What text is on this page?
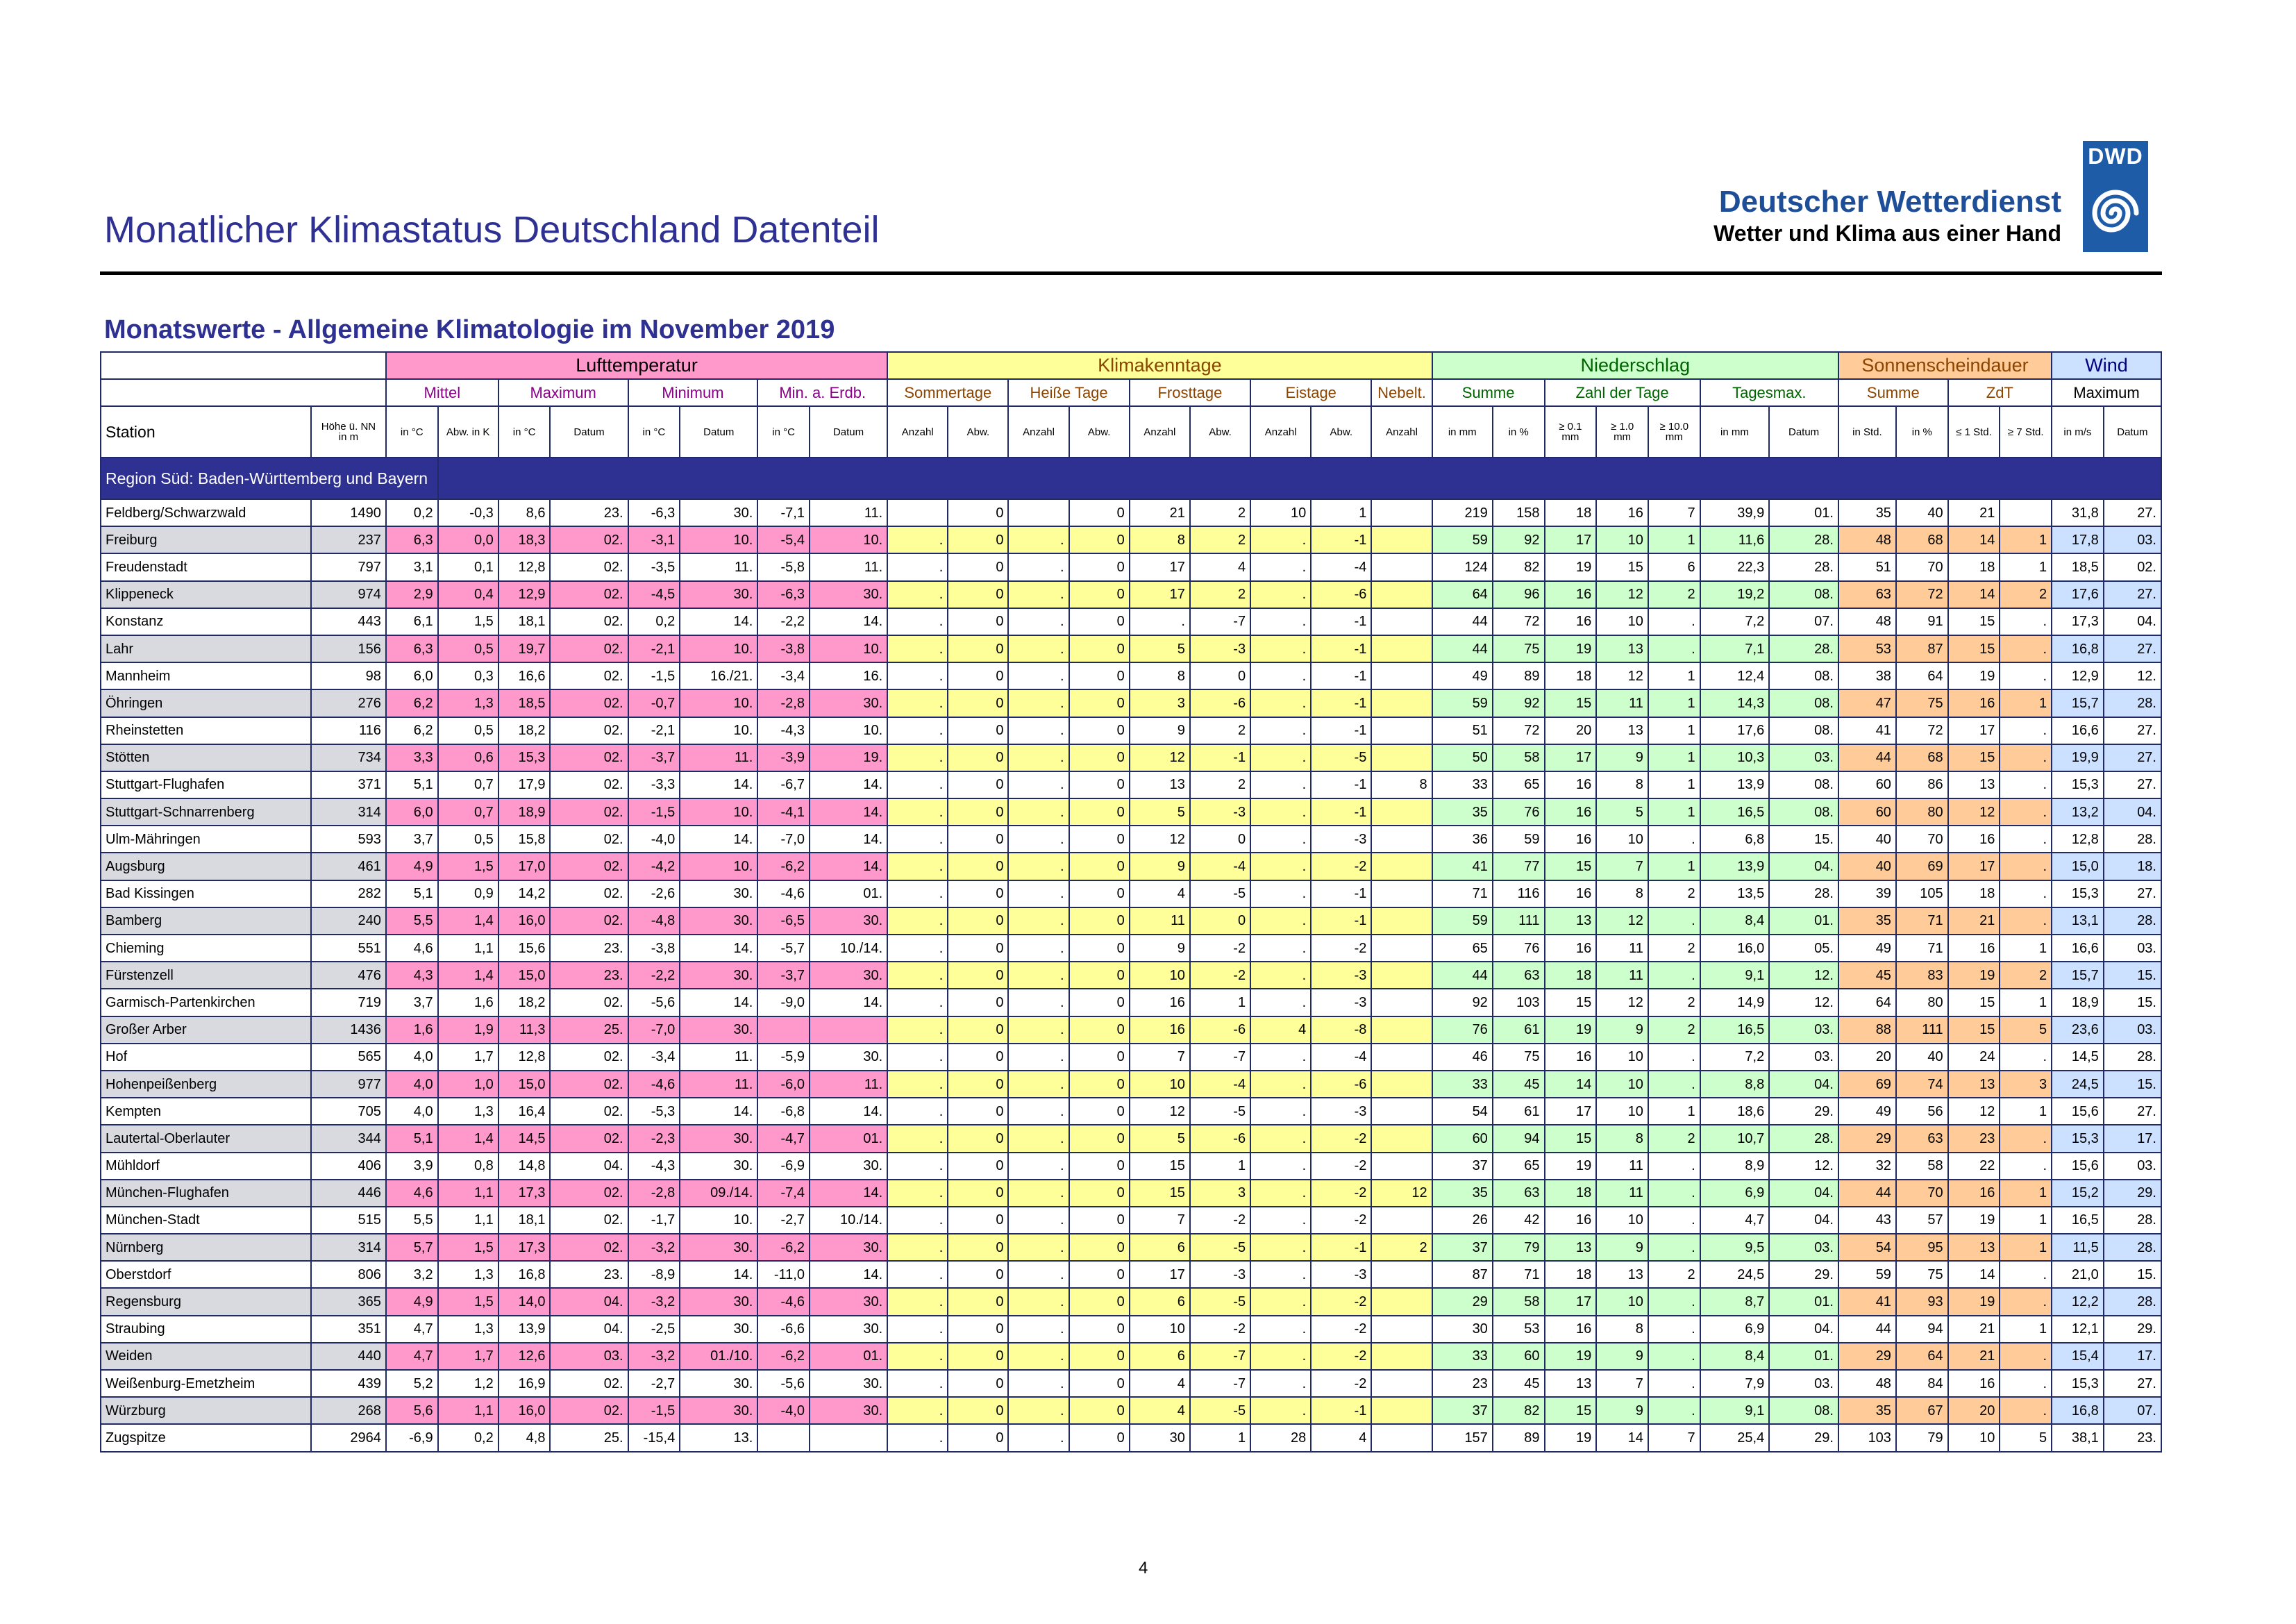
Monatlicher Klimastatus Deutschland Datenteil
Deutscher Wetterdienst
Wetter und Klima aus einer Hand
DWD
Monatswerte - Allgemeine Klimatologie im November 2019
		Lufttemperatur								Klimakenntage									Niederschlag							Sonnenscheindauer				Wind	
		Mittel		Maximum		Minimum		Min. a. Erdb.		Sommertage		Heiße Tage		Frosttage		Eistage		Nebelt.	Summe		Zahl der Tage			Tagesmax.		Summe		ZdT		Maximum	
Station	Höhe ü. NN in m	in °C	Abw. in K	in °C	Datum	in °C	Datum	in °C	Datum	Anzahl	Abw.	Anzahl	Abw.	Anzahl	Abw.	Anzahl	Abw.	Anzahl	in mm	in %	≥ 0.1 mm	≥ 1.0 mm	≥ 10.0 mm	in mm	Datum	in Std.	in %	≤ 1 Std.	≥ 7 Std.	in m/s	Datum
Region Süd: Baden-Württemberg und Bayern																															
Feldberg/Schwarzwald	1490	0,2	-0,3	8,6	23.	-6,3	30.	-7,1	11.		0		0	21	2	10	1		219	158	18	16	7	39,9	01.	35	40	21		31,8	27.
Freiburg	237	6,3	0,0	18,3	02.	-3,1	10.	-5,4	10.	.	0	.	0	8	2	.	-1		59	92	17	10	1	11,6	28.	48	68	14	1	17,8	03.
Freudenstadt	797	3,1	0,1	12,8	02.	-3,5	11.	-5,8	11.	.	0	.	0	17	4	.	-4		124	82	19	15	6	22,3	28.	51	70	18	1	18,5	02.
Klippeneck	974	2,9	0,4	12,9	02.	-4,5	30.	-6,3	30.	.	0	.	0	17	2	.	-6		64	96	16	12	2	19,2	08.	63	72	14	2	17,6	27.
Konstanz	443	6,1	1,5	18,1	02.	0,2	14.	-2,2	14.	.	0	.	0	.	-7	.	-1		44	72	16	10	.	7,2	07.	48	91	15	.	17,3	04.
Lahr	156	6,3	0,5	19,7	02.	-2,1	10.	-3,8	10.	.	0	.	0	5	-3	.	-1		44	75	19	13	.	7,1	28.	53	87	15	.	16,8	27.
Mannheim	98	6,0	0,3	16,6	02.	-1,5	16./21.	-3,4	16.	.	0	.	0	8	0	.	-1		49	89	18	12	1	12,4	08.	38	64	19	.	12,9	12.
Öhringen	276	6,2	1,3	18,5	02.	-0,7	10.	-2,8	30.	.	0	.	0	3	-6	.	-1		59	92	15	11	1	14,3	08.	47	75	16	1	15,7	28.
Rheinstetten	116	6,2	0,5	18,2	02.	-2,1	10.	-4,3	10.	.	0	.	0	9	2	.	-1		51	72	20	13	1	17,6	08.	41	72	17	.	16,6	27.
Stötten	734	3,3	0,6	15,3	02.	-3,7	11.	-3,9	19.	.	0	.	0	12	-1	.	-5		50	58	17	9	1	10,3	03.	44	68	15	.	19,9	27.
Stuttgart-Flughafen	371	5,1	0,7	17,9	02.	-3,3	14.	-6,7	14.	.	0	.	0	13	2	.	-1	8	33	65	16	8	1	13,9	08.	60	86	13	.	15,3	27.
Stuttgart-Schnarrenberg	314	6,0	0,7	18,9	02.	-1,5	10.	-4,1	14.	.	0	.	0	5	-3	.	-1		35	76	16	5	1	16,5	08.	60	80	12	.	13,2	04.
Ulm-Mähringen	593	3,7	0,5	15,8	02.	-4,0	14.	-7,0	14.	.	0	.	0	12	0	.	-3		36	59	16	10	.	6,8	15.	40	70	16	.	12,8	28.
Augsburg	461	4,9	1,5	17,0	02.	-4,2	10.	-6,2	14.	.	0	.	0	9	-4	.	-2		41	77	15	7	1	13,9	04.	40	69	17	.	15,0	18.
Bad Kissingen	282	5,1	0,9	14,2	02.	-2,6	30.	-4,6	01.	.	0	.	0	4	-5	.	-1		71	116	16	8	2	13,5	28.	39	105	18	.	15,3	27.
Bamberg	240	5,5	1,4	16,0	02.	-4,8	30.	-6,5	30.	.	0	.	0	11	0	.	-1		59	111	13	12	.	8,4	01.	35	71	21	.	13,1	28.
Chieming	551	4,6	1,1	15,6	23.	-3,8	14.	-5,7	10./14.	.	0	.	0	9	-2	.	-2		65	76	16	11	2	16,0	05.	49	71	16	1	16,6	03.
Fürstenzell	476	4,3	1,4	15,0	23.	-2,2	30.	-3,7	30.	.	0	.	0	10	-2	.	-3		44	63	18	11	.	9,1	12.	45	83	19	2	15,7	15.
Garmisch-Partenkirchen	719	3,7	1,6	18,2	02.	-5,6	14.	-9,0	14.	.	0	.	0	16	1	.	-3		92	103	15	12	2	14,9	12.	64	80	15	1	18,9	15.
Großer Arber	1436	1,6	1,9	11,3	25.	-7,0	30.			.	0	.	0	16	-6	4	-8		76	61	19	9	2	16,5	03.	88	111	15	5	23,6	03.
Hof	565	4,0	1,7	12,8	02.	-3,4	11.	-5,9	30.	.	0	.	0	7	-7	.	-4		46	75	16	10	.	7,2	03.	20	40	24	.	14,5	28.
Hohenpeißenberg	977	4,0	1,0	15,0	02.	-4,6	11.	-6,0	11.	.	0	.	0	10	-4	.	-6		33	45	14	10	.	8,8	04.	69	74	13	3	24,5	15.
Kempten	705	4,0	1,3	16,4	02.	-5,3	14.	-6,8	14.	.	0	.	0	12	-5	.	-3		54	61	17	10	1	18,6	29.	49	56	12	1	15,6	27.
Lautertal-Oberlauter	344	5,1	1,4	14,5	02.	-2,3	30.	-4,7	01.	.	0	.	0	5	-6	.	-2		60	94	15	8	2	10,7	28.	29	63	23	.	15,3	17.
Mühldorf	406	3,9	0,8	14,8	04.	-4,3	30.	-6,9	30.	.	0	.	0	15	1	.	-2		37	65	19	11	.	8,9	12.	32	58	22	.	15,6	03.
München-Flughafen	446	4,6	1,1	17,3	02.	-2,8	09./14.	-7,4	14.	.	0	.	0	15	3	.	-2	12	35	63	18	11	.	6,9	04.	44	70	16	1	15,2	29.
München-Stadt	515	5,5	1,1	18,1	02.	-1,7	10.	-2,7	10./14.	.	0	.	0	7	-2	.	-2		26	42	16	10	.	4,7	04.	43	57	19	1	16,5	28.
Nürnberg	314	5,7	1,5	17,3	02.	-3,2	30.	-6,2	30.	.	0	.	0	6	-5	.	-1	2	37	79	13	9	.	9,5	03.	54	95	13	1	11,5	28.
Oberstdorf	806	3,2	1,3	16,8	23.	-8,9	14.	-11,0	14.	.	0	.	0	17	-3	.	-3		87	71	18	13	2	24,5	29.	59	75	14	.	21,0	15.
Regensburg	365	4,9	1,5	14,0	04.	-3,2	30.	-4,6	30.	.	0	.	0	6	-5	.	-2		29	58	17	10	.	8,7	01.	41	93	19	.	12,2	28.
Straubing	351	4,7	1,3	13,9	04.	-2,5	30.	-6,6	30.	.	0	.	0	10	-2	.	-2		30	53	16	8	.	6,9	04.	44	94	21	1	12,1	29.
Weiden	440	4,7	1,7	12,6	03.	-3,2	01./10.	-6,2	01.	.	0	.	0	6	-7	.	-2		33	60	19	9	.	8,4	01.	29	64	21	.	15,4	17.
Weißenburg-Emetzheim	439	5,2	1,2	16,9	02.	-2,7	30.	-5,6	30.	.	0	.	0	4	-7	.	-2		23	45	13	7	.	7,9	03.	48	84	16	.	15,3	27.
Würzburg	268	5,6	1,1	16,0	02.	-1,5	30.	-4,0	30.	.	0	.	0	4	-5	.	-1		37	82	15	9	.	9,1	08.	35	67	20	.	16,8	07.
Zugspitze	2964	-6,9	0,2	4,8	25.	-15,4	13.			.	0	.	0	30	1	28	4		157	89	19	14	7	25,4	29.	103	79	10	5	38,1	23.
4
